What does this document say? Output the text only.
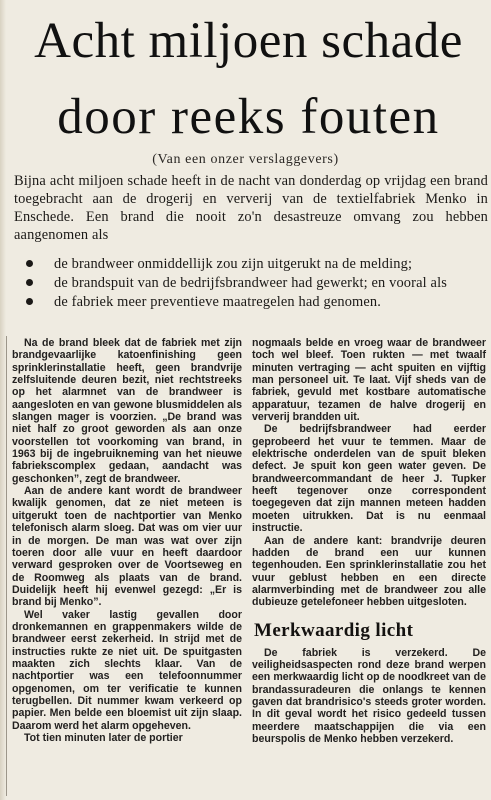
Acht miljoen schade
door reeks fouten
(Van een onzer verslaggevers)

Bijna acht miljoen schade heeft in de nacht van donderdag op vrijdag een brand toegebracht aan de drogerij en ververij van de textielfabriek Menko in Enschede. Een brand die nooit zo'n desastreuze omvang zou hebben aangenomen als

de brandweer onmiddellijk zou zijn uitgerukt na de melding;
de brandspuit van de bedrijfsbrandweer had gewerkt; en vooral als
de fabriek meer preventieve maatregelen had genomen.

Na de brand bleek dat de fabriek met zijn brandgevaarlijke katoenfinishing geen sprinklerinstallatie heeft, geen brandvrije zelfsluitende deuren bezit, niet rechtstreeks op het alarmnet van de brandweer is aangesloten en van gewone blusmiddelen als slangen mager is voorzien. „De brand was niet half zo groot geworden als aan onze voorstellen tot voorkoming van brand, in 1963 bij de ingebruikneming van het nieuwe fabriekscomplex gedaan, aandacht was geschonken”, zegt de brandweer.

Aan de andere kant wordt de brandweer kwalijk genomen, dat ze niet meteen is uitgerukt toen de nachtportier van Menko telefonisch alarm sloeg. Dat was om vier uur in de morgen. De man was wat over zijn toeren door alle vuur en heeft daardoor verward gesproken over de Voortseweg en de Roomweg als plaats van de brand. Duidelijk heeft hij evenwel gezegd: „Er is brand bij Menko”.

Wel vaker lastig gevallen door dronkemannen en grappenmakers wilde de brandweer eerst zekerheid. In strijd met de instructies rukte ze niet uit. De spuitgasten maakten zich slechts klaar. Van de nachtportier was een telefoonnummer opgenomen, om ter verificatie te kunnen terugbellen. Dit nummer kwam verkeerd op papier. Men belde een bloemist uit zijn slaap. Daarom werd het alarm opgeheven.

Tot tien minuten later de portier

nogmaals belde en vroeg waar de brandweer toch wel bleef. Toen rukten — met twaalf minuten vertraging — acht spuiten en vijftig man personeel uit. Te laat. Vijf sheds van de fabriek, gevuld met kostbare automatische apparatuur, tezamen de halve drogerij en ververij brandden uit.

De bedrijfsbrandweer had eerder geprobeerd het vuur te temmen. Maar de elektrische onderdelen van de spuit bleken defect. Je spuit kon geen water geven. De brandweercommandant de heer J. Tupker heeft tegenover onze correspondent toegegeven dat zijn mannen meteen hadden moeten uitrukken. Dat is nu eenmaal instructie.

Aan de andere kant: brandvrije deuren hadden de brand een uur kunnen tegenhouden. Een sprinklerinstallatie zou het vuur geblust hebben en een directe alarmverbinding met de brandweer zou alle dubieuze getelefoneer hebben uitgesloten.

Merkwaardig licht

De fabriek is verzekerd. De veiligheidsaspecten rond deze brand werpen een merkwaardig licht op de noodkreet van de brandassuradeuren die onlangs te kennen gaven dat brandrisico's steeds groter worden. In dit geval wordt het risico gedeeld tussen meerdere maatschappijen die via een beurspolis de Menko hebben verzekerd.
